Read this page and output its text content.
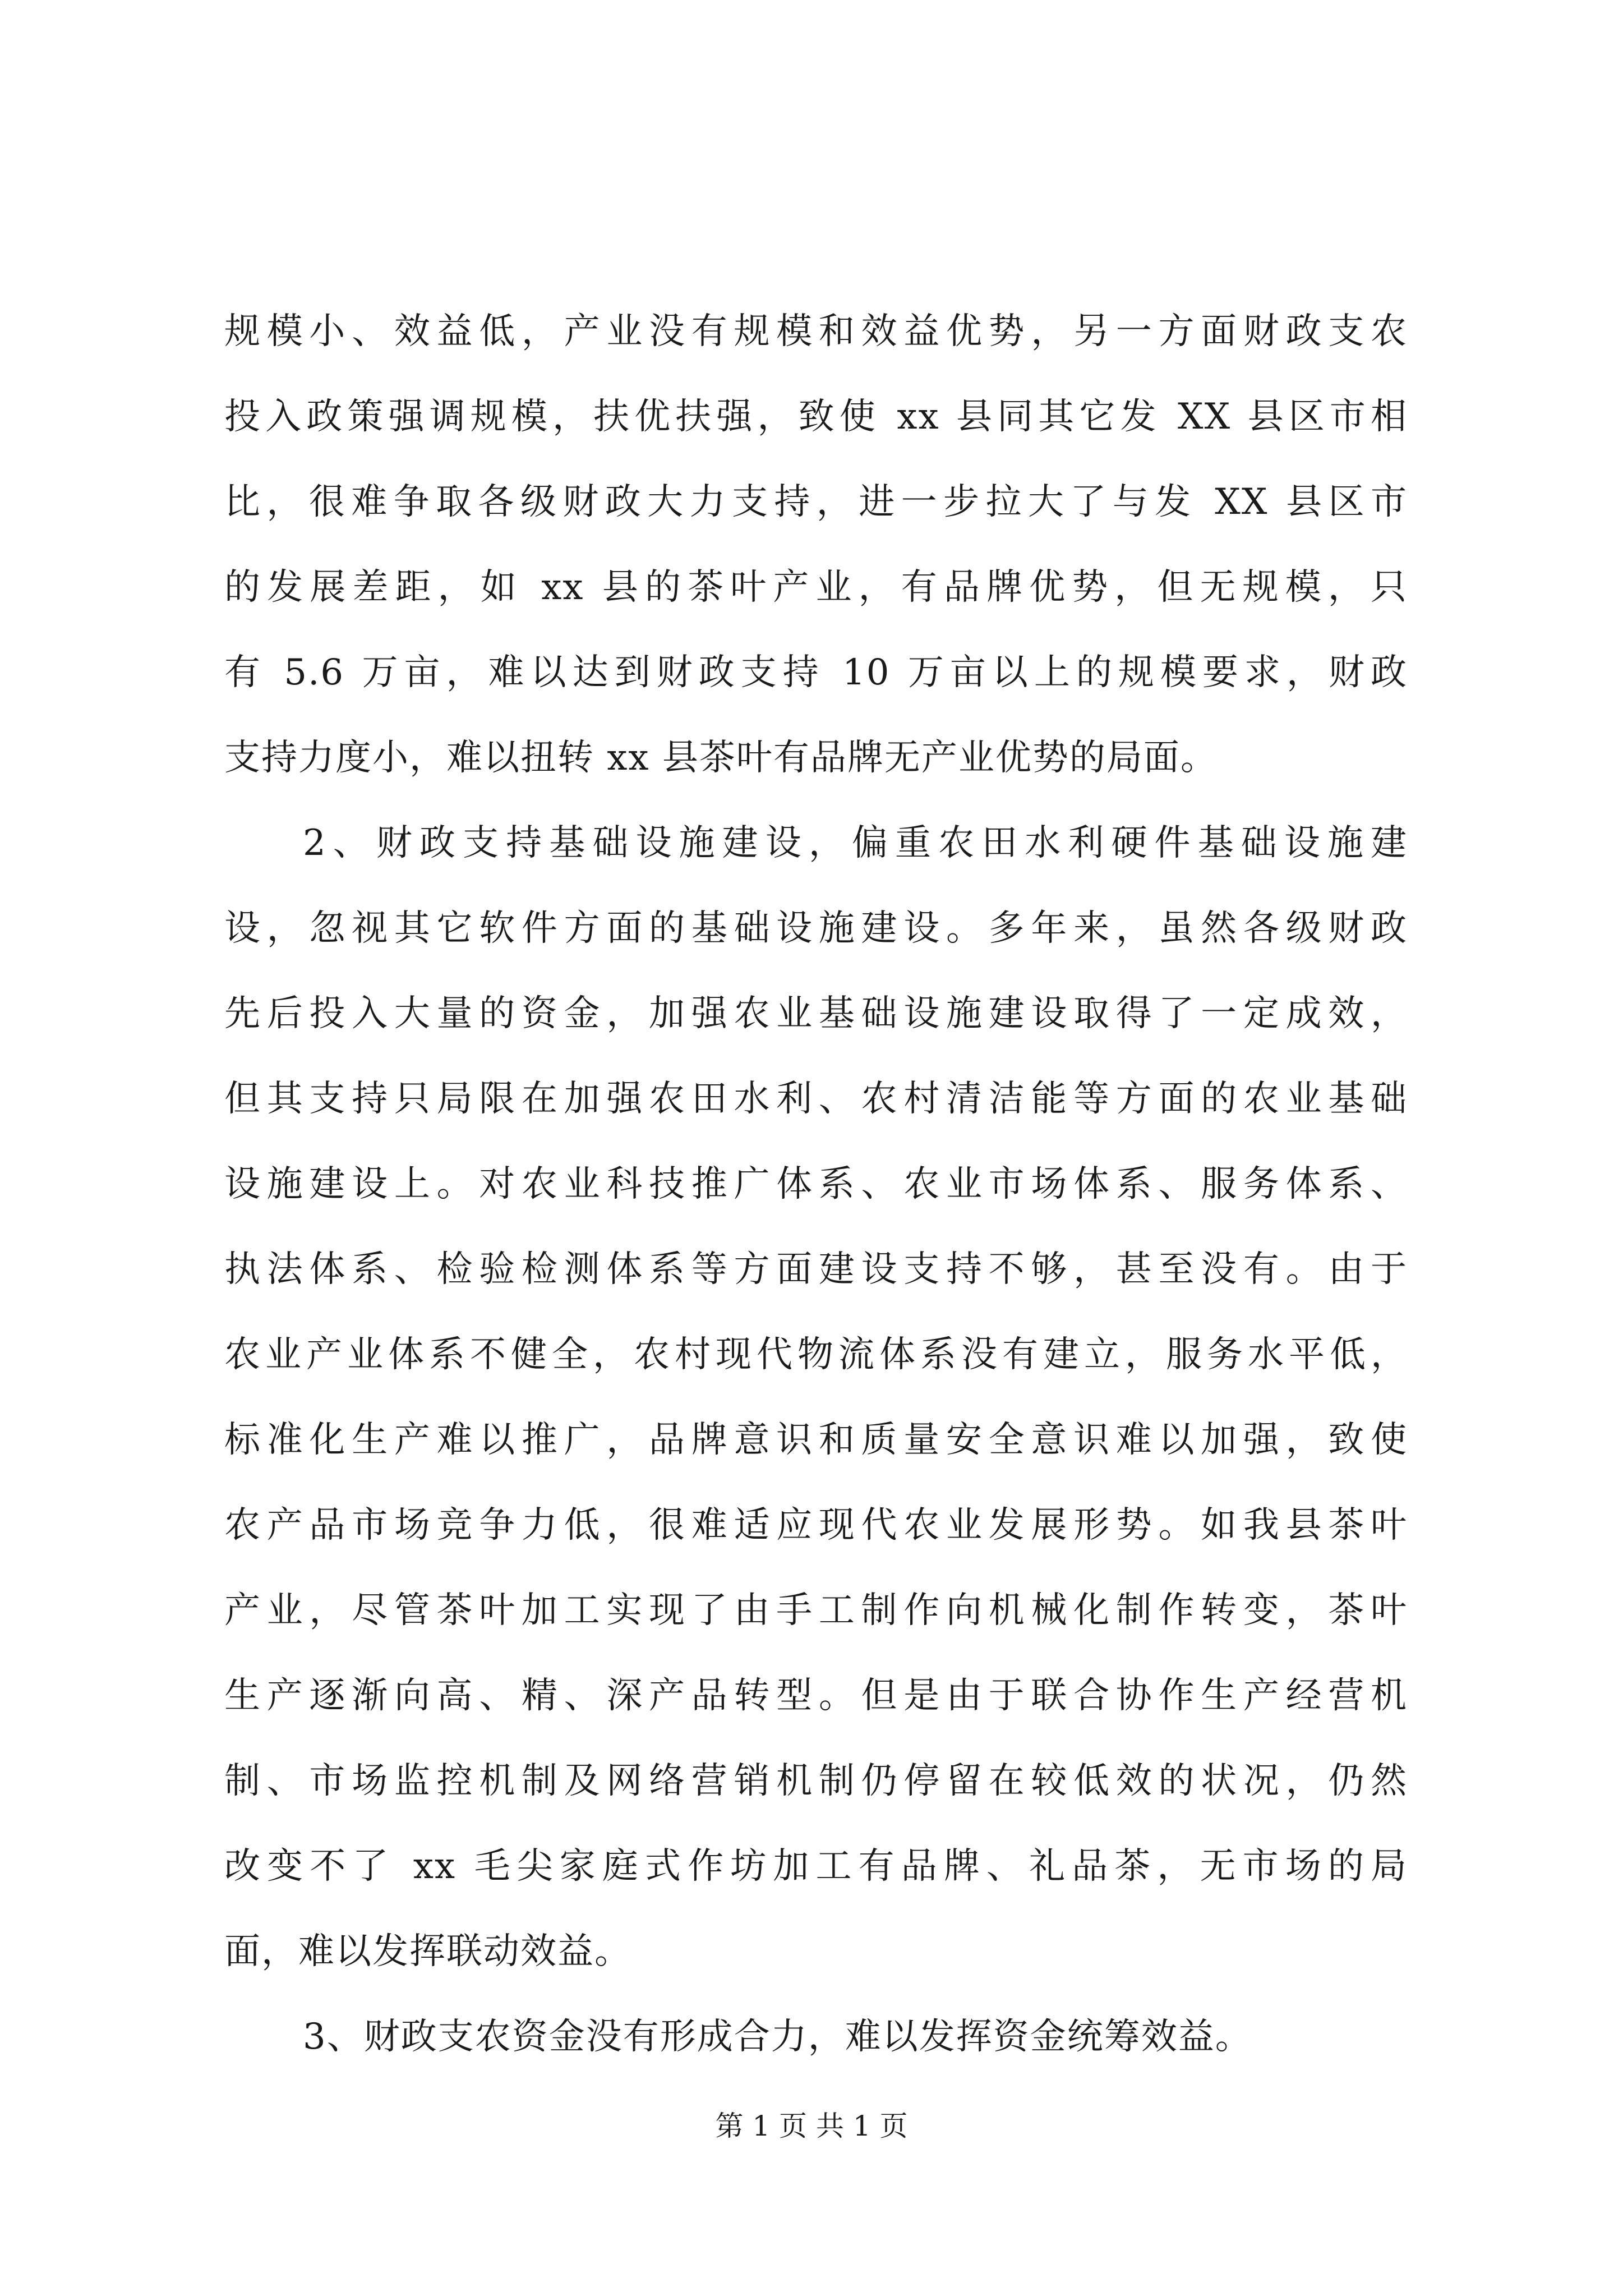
规模小、效益低，产业没有规模和效益优势，另一方面财政支农
投入政策强调规模，扶优扶强，致使 xx 县同其它发 XX 县区市相
比，很难争取各级财政大力支持，进一步拉大了与发 XX 县区市
的发展差距，如 xx 县的茶叶产业，有品牌优势，但无规模，只
有 5.6 万亩，难以达到财政支持 10 万亩以上的规模要求，财政
支持力度小，难以扭转 xx 县茶叶有品牌无产业优势的局面。
2、财政支持基础设施建设，偏重农田水利硬件基础设施建
设，忽视其它软件方面的基础设施建设。多年来，虽然各级财政
先后投入大量的资金，加强农业基础设施建设取得了一定成效，
但其支持只局限在加强农田水利、农村清洁能等方面的农业基础
设施建设上。对农业科技推广体系、农业市场体系、服务体系、
执法体系、检验检测体系等方面建设支持不够，甚至没有。由于
农业产业体系不健全，农村现代物流体系没有建立，服务水平低，
标准化生产难以推广，品牌意识和质量安全意识难以加强，致使
农产品市场竞争力低，很难适应现代农业发展形势。如我县茶叶
产业，尽管茶叶加工实现了由手工制作向机械化制作转变，茶叶
生产逐渐向高、精、深产品转型。但是由于联合协作生产经营机
制、市场监控机制及网络营销机制仍停留在较低效的状况，仍然
改变不了 xx 毛尖家庭式作坊加工有品牌、礼品茶，无市场的局
面，难以发挥联动效益。
3、财政支农资金没有形成合力，难以发挥资金统筹效益。
第 1 页 共 1 页
